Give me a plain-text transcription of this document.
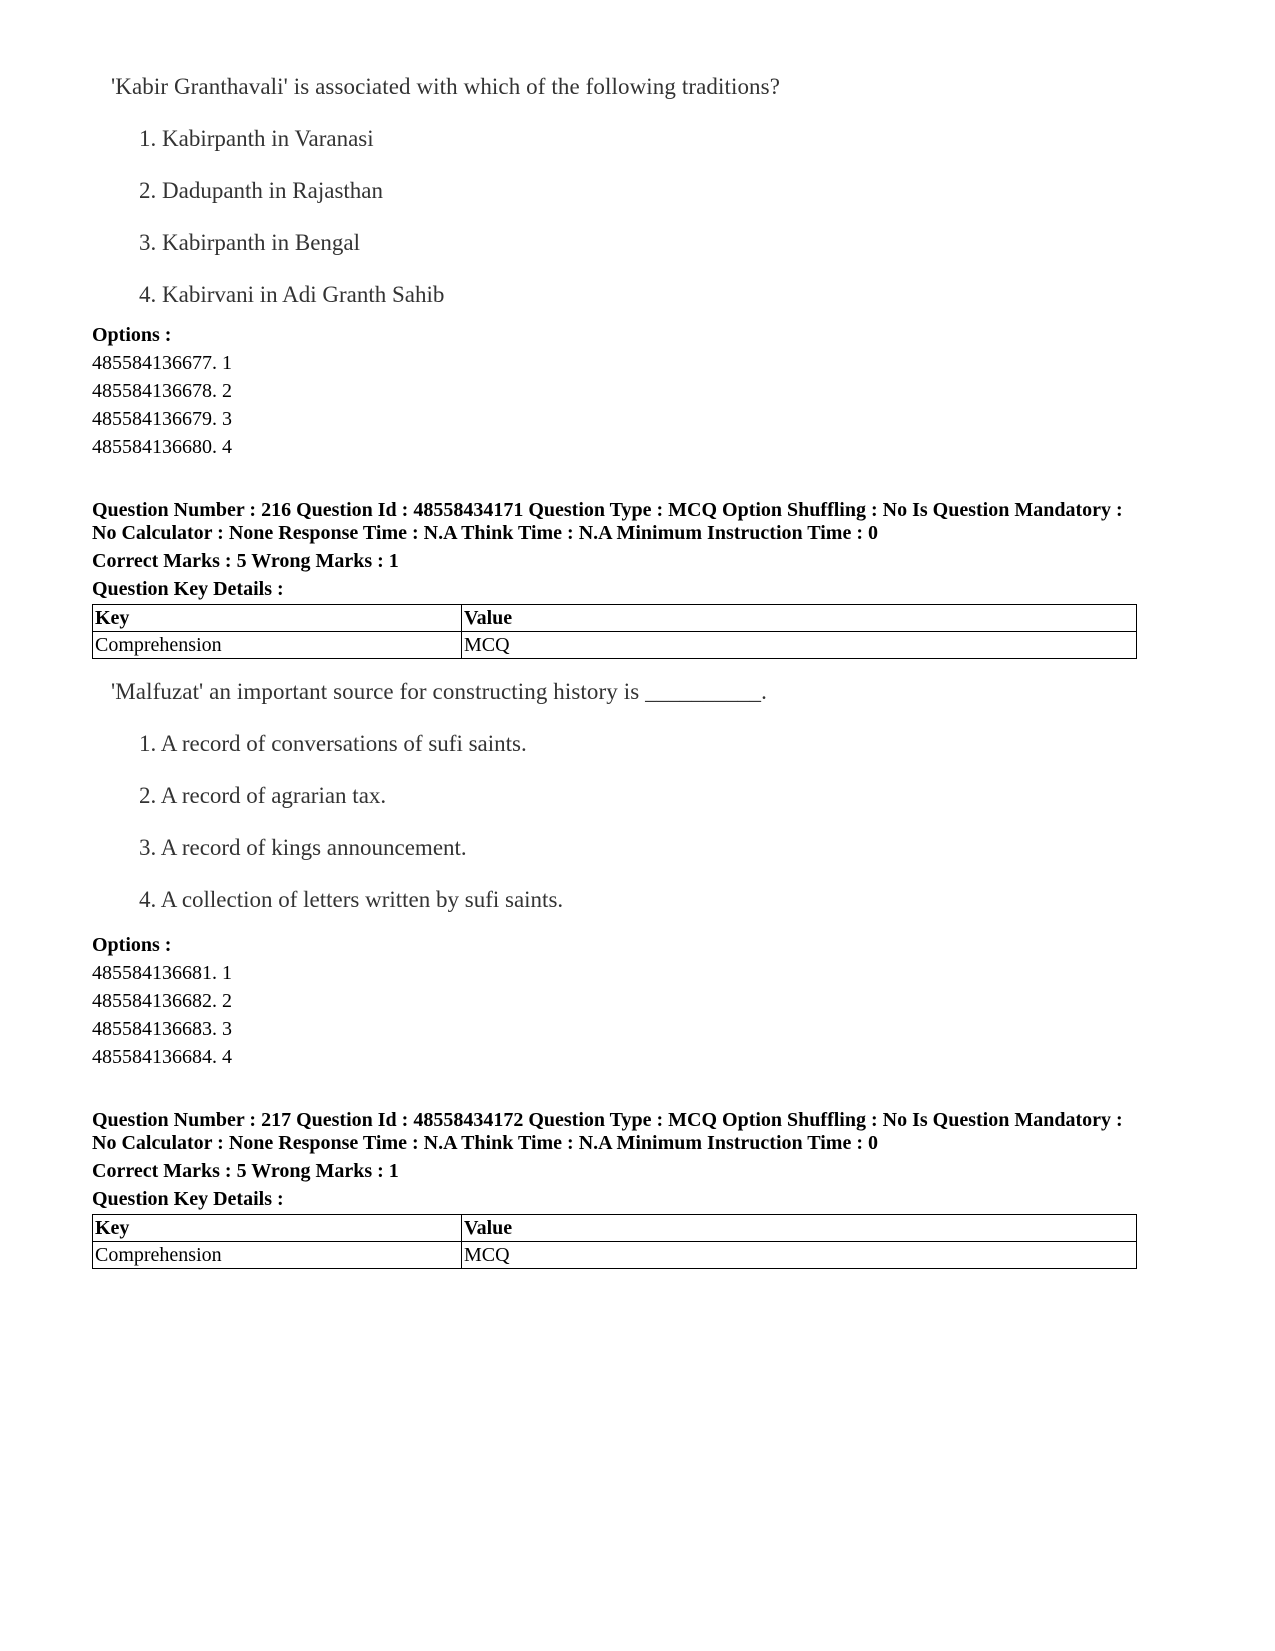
'Kabir Granthavali' is associated with which of the following traditions?
1. Kabirpanth in Varanasi
2. Dadupanth in Rajasthan
3. Kabirpanth in Bengal
4. Kabirvani in Adi Granth Sahib
Options :
485584136677. 1
485584136678. 2
485584136679. 3
485584136680. 4
Question Number : 216 Question Id : 48558434171 Question Type : MCQ Option Shuffling : No Is Question Mandatory :
No Calculator : None Response Time : N.A Think Time : N.A Minimum Instruction Time : 0
Correct Marks : 5 Wrong Marks : 1
Question Key Details :
Key	Value
Comprehension	MCQ
'Malfuzat' an important source for constructing history is __________.
1. A record of conversations of sufi saints.
2. A record of agrarian tax.
3. A record of kings announcement.
4. A collection of letters written by sufi saints.
Options :
485584136681. 1
485584136682. 2
485584136683. 3
485584136684. 4
Question Number : 217 Question Id : 48558434172 Question Type : MCQ Option Shuffling : No Is Question Mandatory :
No Calculator : None Response Time : N.A Think Time : N.A Minimum Instruction Time : 0
Correct Marks : 5 Wrong Marks : 1
Question Key Details :
Key	Value
Comprehension	MCQ
